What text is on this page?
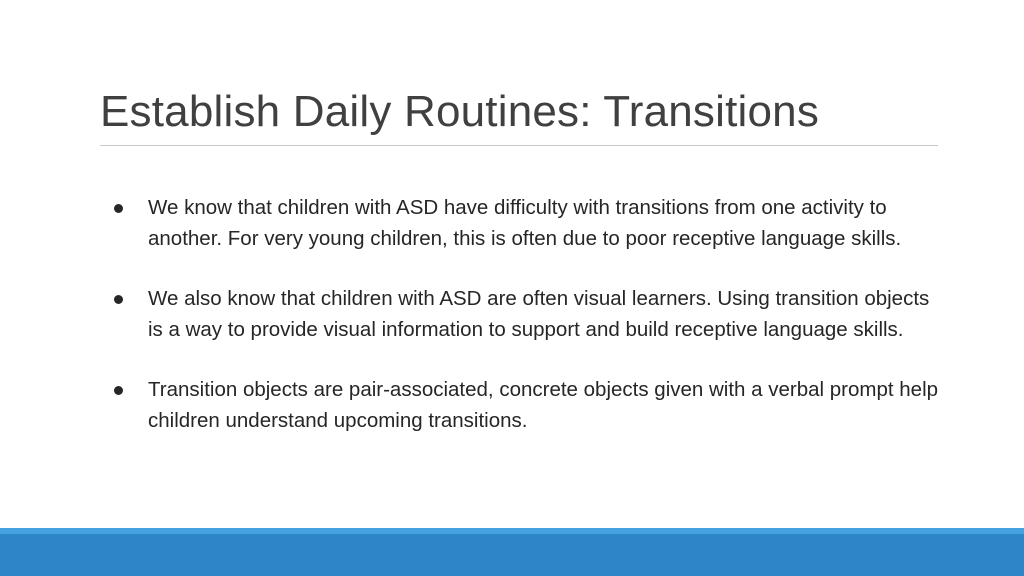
Establish Daily Routines: Transitions
We know that children with ASD have difficulty with transitions from one activity to another. For very young children, this is often due to poor receptive language skills.
We also know that children with ASD are often visual learners. Using transition objects is a way to provide visual information to support and build receptive language skills.
Transition objects are pair-associated, concrete objects given with a verbal prompt help children understand upcoming transitions.
